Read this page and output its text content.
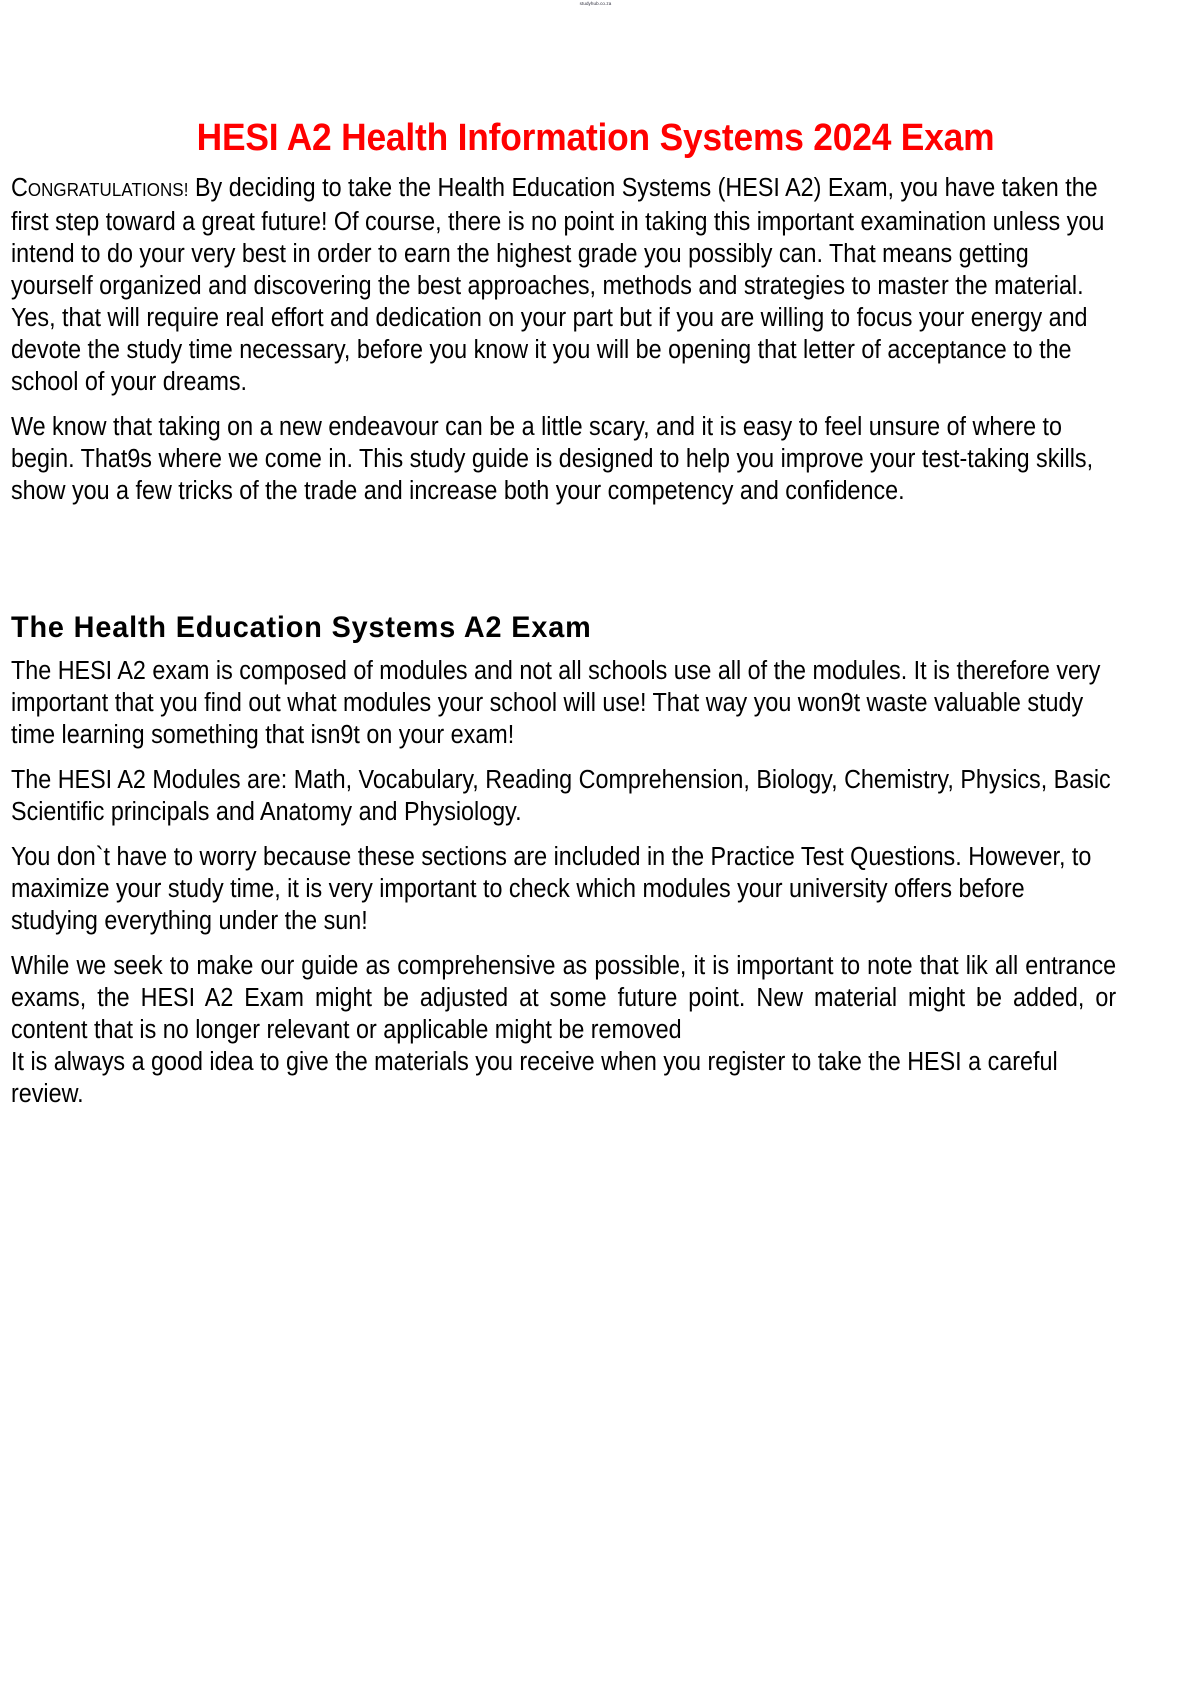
studyhub.co.za
HESI A2 Health Information Systems 2024 Exam

CONGRATULATIONS! By deciding to take the Health Education Systems (HESI A2) Exam, you have taken the first step toward a great future! Of course, there is no point in taking this important examination unless you intend to do your very best in order to earn the highest grade you possibly can. That means getting yourself organized and discovering the best approaches, methods and strategies to master the material. Yes, that will require real effort and dedication on your part but if you are willing to focus your energy and devote the study time necessary, before you know it you will be opening that letter of acceptance to the school of your dreams.

We know that taking on a new endeavour can be a little scary, and it is easy to feel unsure of where to begin. That9s where we come in. This study guide is designed to help you improve your test-taking skills, show you a few tricks of the trade and increase both your competency and confidence.

The Health Education Systems A2 Exam

The HESI A2 exam is composed of modules and not all schools use all of the modules. It is therefore very important that you find out what modules your school will use! That way you won9t waste valuable study time learning something that isn9t on your exam!

The HESI A2 Modules are: Math, Vocabulary, Reading Comprehension, Biology, Chemistry, Physics, Basic Scientific principals and Anatomy and Physiology.

You don`t have to worry because these sections are included in the Practice Test Questions. However, to maximize your study time, it is very important to check which modules your university offers before studying everything under the sun!

While we seek to make our guide as comprehensive as possible, it is important to note that lik all entrance exams, the HESI A2 Exam might be adjusted at some future point. New material might be added, or content that is no longer relevant or applicable might be removed
It is always a good idea to give the materials you receive when you register to take the HESI a careful review.
